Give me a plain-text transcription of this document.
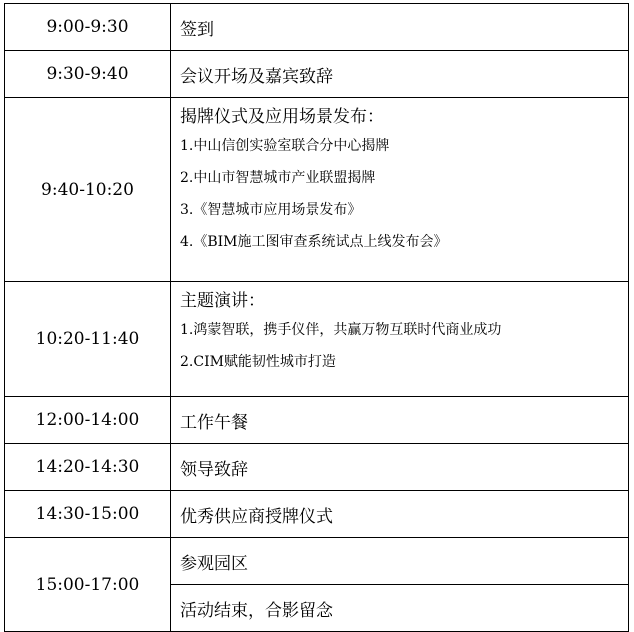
9:00-9:30	签到
9:30-9:40	会议开场及嘉宾致辞
9:40-10:20	揭牌仪式及应用场景发布：
1.中山信创实验室联合分中心揭牌
2.中山市智慧城市产业联盟揭牌
3.《智慧城市应用场景发布》
4.《BIM施工图审查系统试点上线发布会》

10:20-11:40	主题演讲：
1.鸿蒙智联，携手仪伴，共赢万物互联时代商业成功
2.CIM赋能韧性城市打造

12:00-14:00	工作午餐
14:20-14:30	领导致辞
14:30-15:00	优秀供应商授牌仪式
15:00-17:00	参观园区
	活动结束，合影留念
